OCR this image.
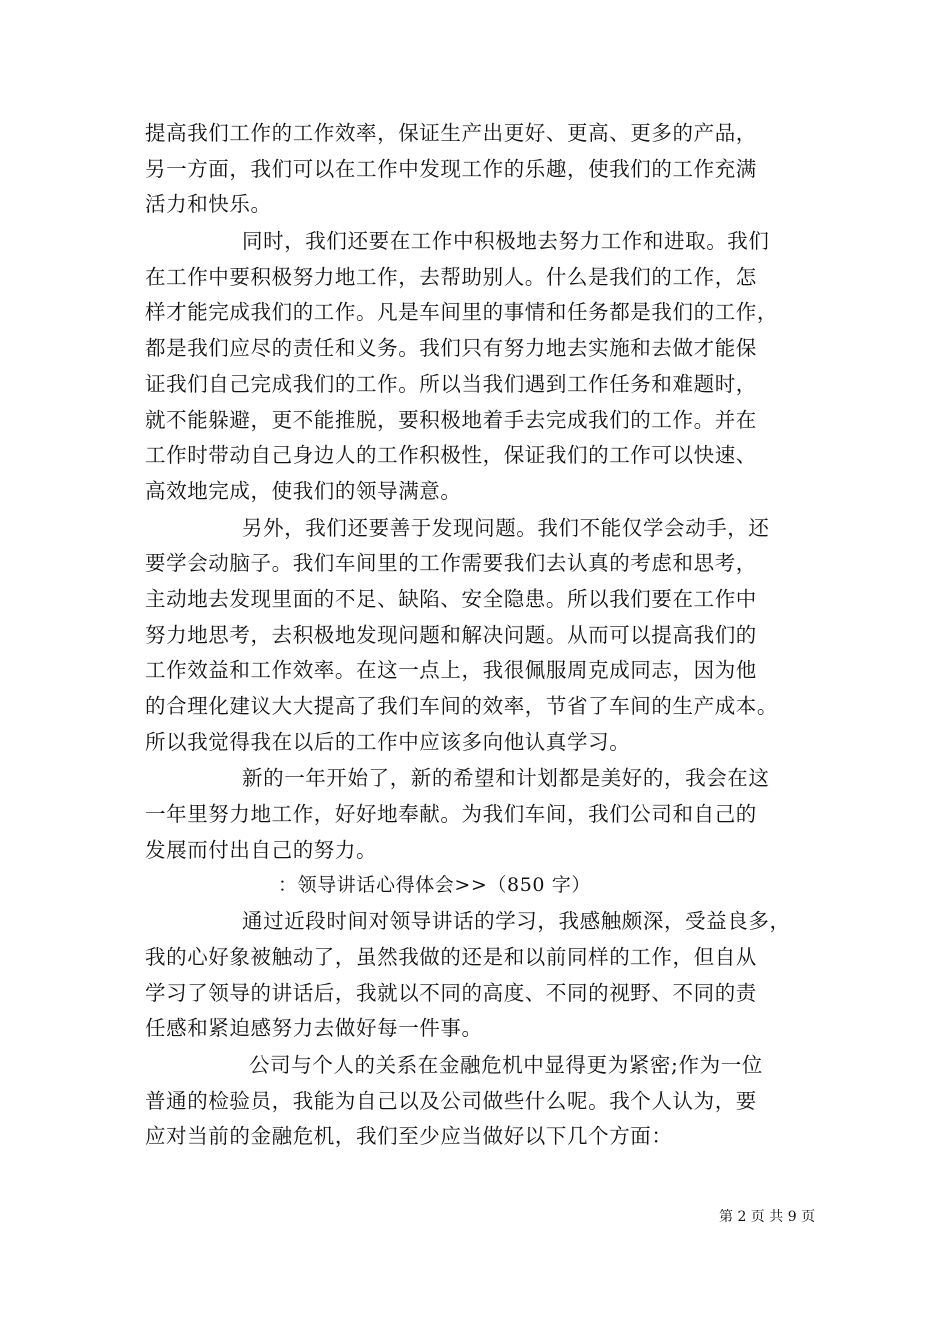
提高我们工作的工作效率，保证生产出更好、更高、更多的产品，
另一方面，我们可以在工作中发现工作的乐趣，使我们的工作充满
活力和快乐。
同时，我们还要在工作中积极地去努力工作和进取。我们
在工作中要积极努力地工作，去帮助别人。什么是我们的工作，怎
样才能完成我们的工作。凡是车间里的事情和任务都是我们的工作，
都是我们应尽的责任和义务。我们只有努力地去实施和去做才能保
证我们自己完成我们的工作。所以当我们遇到工作任务和难题时，
就不能躲避，更不能推脱，要积极地着手去完成我们的工作。并在
工作时带动自己身边人的工作积极性，保证我们的工作可以快速、
高效地完成，使我们的领导满意。
另外，我们还要善于发现问题。我们不能仅学会动手，还
要学会动脑子。我们车间里的工作需要我们去认真的考虑和思考，
主动地去发现里面的不足、缺陷、安全隐患。所以我们要在工作中
努力地思考，去积极地发现问题和解决问题。从而可以提高我们的
工作效益和工作效率。在这一点上，我很佩服周克成同志，因为他
的合理化建议大大提高了我们车间的效率，节省了车间的生产成本。
所以我觉得我在以后的工作中应该多向他认真学习。
新的一年开始了，新的希望和计划都是美好的，我会在这
一年里努力地工作，好好地奉献。为我们车间，我们公司和自己的
发展而付出自己的努力。
：领导讲话心得体会>>（850 字）
通过近段时间对领导讲话的学习，我感触颇深，受益良多，
我的心好象被触动了，虽然我做的还是和以前同样的工作，但自从
学习了领导的讲话后，我就以不同的高度、不同的视野、不同的责
任感和紧迫感努力去做好每一件事。
公司与个人的关系在金融危机中显得更为紧密;作为一位
普通的检验员，我能为自己以及公司做些什么呢。我个人认为，要
应对当前的金融危机，我们至少应当做好以下几个方面：
第 2 页 共 9 页
